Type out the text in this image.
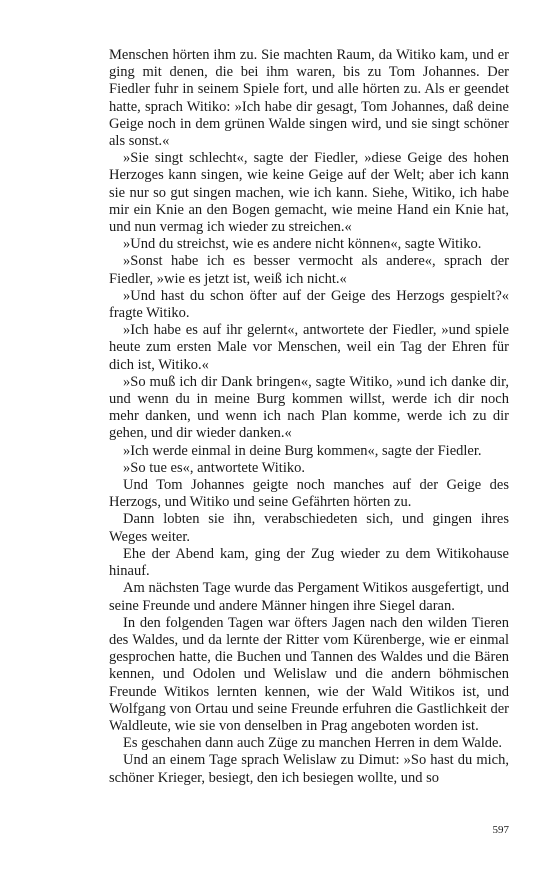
Menschen hörten ihm zu. Sie machten Raum, da Witiko kam, und er ging mit denen, die bei ihm waren, bis zu Tom Johannes. Der Fiedler fuhr in seinem Spiele fort, und alle hörten zu. Als er geendet hatte, sprach Witiko: »Ich habe dir gesagt, Tom Johannes, daß deine Geige noch in dem grünen Walde singen wird, und sie singt schöner als sonst.«

»Sie singt schlecht«, sagte der Fiedler, »diese Geige des hohen Herzoges kann singen, wie keine Geige auf der Welt; aber ich kann sie nur so gut singen machen, wie ich kann. Siehe, Witiko, ich habe mir ein Knie an den Bogen gemacht, wie meine Hand ein Knie hat, und nun vermag ich wieder zu streichen.«

»Und du streichst, wie es andere nicht können«, sagte Witiko.

»Sonst habe ich es besser vermocht als andere«, sprach der Fiedler, »wie es jetzt ist, weiß ich nicht.«

»Und hast du schon öfter auf der Geige des Herzogs gespielt?« fragte Witiko.

»Ich habe es auf ihr gelernt«, antwortete der Fiedler, »und spiele heute zum ersten Male vor Menschen, weil ein Tag der Ehren für dich ist, Witiko.«

»So muß ich dir Dank bringen«, sagte Witiko, »und ich danke dir, und wenn du in meine Burg kommen willst, werde ich dir noch mehr danken, und wenn ich nach Plan komme, werde ich zu dir gehen, und dir wieder danken.«

»Ich werde einmal in deine Burg kommen«, sagte der Fiedler.

»So tue es«, antwortete Witiko.

Und Tom Johannes geigte noch manches auf der Geige des Herzogs, und Witiko und seine Gefährten hörten zu.

Dann lobten sie ihn, verabschiedeten sich, und gingen ihres Weges weiter.

Ehe der Abend kam, ging der Zug wieder zu dem Witikohause hinauf.

Am nächsten Tage wurde das Pergament Witikos ausgefertigt, und seine Freunde und andere Männer hingen ihre Siegel daran.

In den folgenden Tagen war öfters Jagen nach den wilden Tieren des Waldes, und da lernte der Ritter vom Kürenberge, wie er einmal gesprochen hatte, die Buchen und Tannen des Waldes und die Bären kennen, und Odolen und Welislaw und die andern böhmischen Freunde Witikos lernten kennen, wie der Wald Witikos ist, und Wolfgang von Ortau und seine Freunde erfuhren die Gastlichkeit der Waldleute, wie sie von denselben in Prag angeboten worden ist.

Es geschahen dann auch Züge zu manchen Herren in dem Walde.

Und an einem Tage sprach Welislaw zu Dimut: »So hast du mich, schöner Krieger, besiegt, den ich besiegen wollte, und so

597
